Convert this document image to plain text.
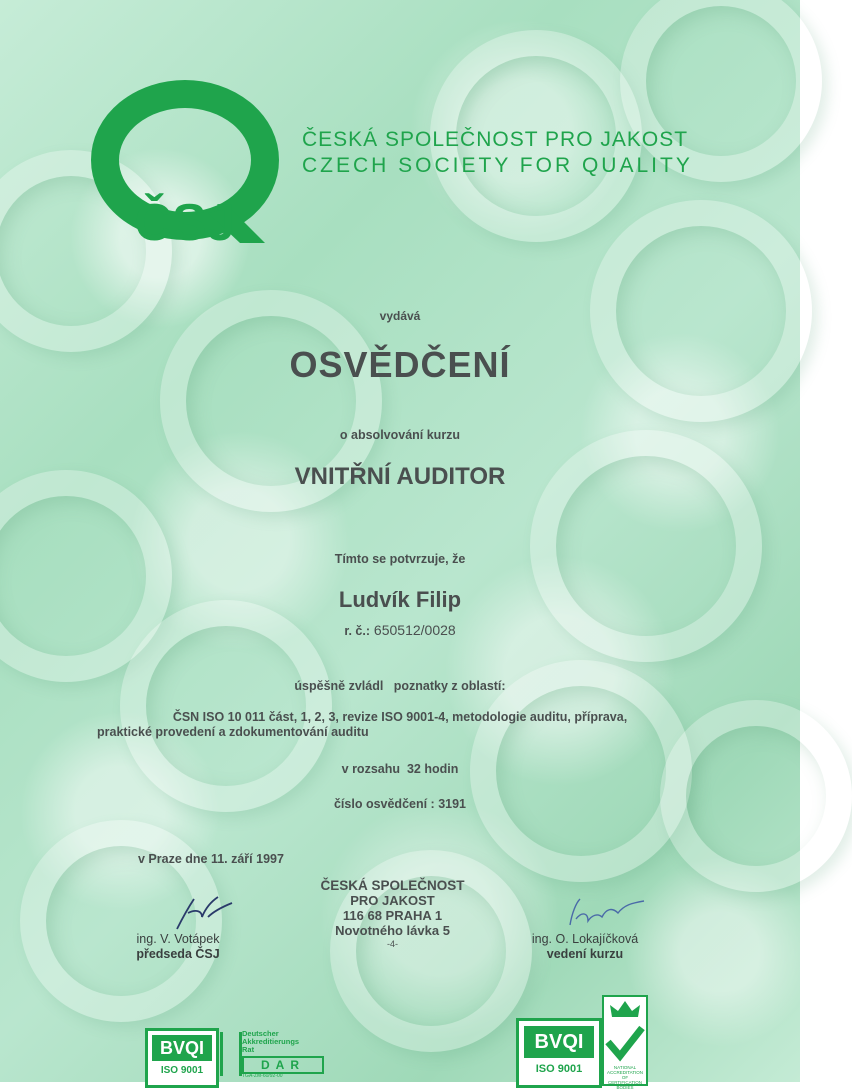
ČSJ
ČESKÁ SPOLEČNOST PRO JAKOST
CZECH SOCIETY FOR QUALITY
vydává
OSVĚDČENÍ
o absolvování kurzu
VNITŘNÍ AUDITOR
Tímto se potvrzuje, že
Ludvík Filip
r. č.: 650512/0028
úspěšně zvládl   poznatky z oblastí:
ČSN ISO 10 011 část, 1, 2, 3, revize ISO 9001-4, metodologie auditu, příprava,
praktické provedení a zdokumentování auditu
v rozsahu 32 hodin
číslo osvědčení : 3191
v Praze dne 11. září 1997
ČESKÁ SPOLEČNOST
PRO JAKOST
116 68 PRAHA 1
Novotného lávka 5
-4-
ing. V. Votápek
předseda ČSJ
ing. O. Lokajíčková
vedení kurzu
BVQI
ISO 9001
Deutscher
Akkreditierungs
Rat
DAR
TGA-ZM-60/92-00
BVQI
ISO 9001
	NATIONAL ACCREDITATION OF CERTIFICATION BODIES
